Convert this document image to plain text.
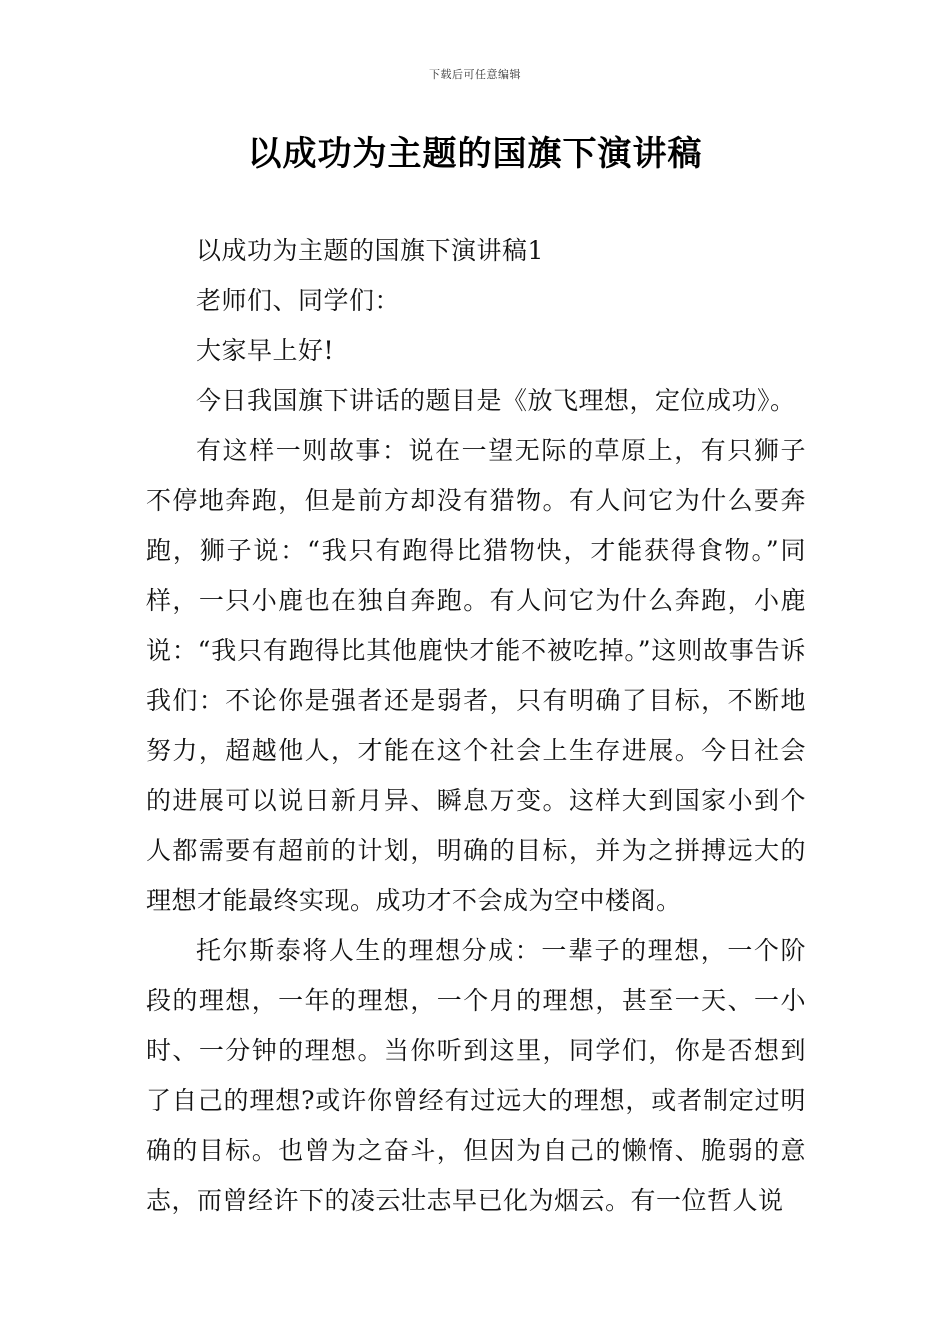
下载后可任意编辑
以成功为主题的国旗下演讲稿

以成功为主题的国旗下演讲稿1

老师们、同学们：

大家早上好!

今日我国旗下讲话的题目是《放飞理想，定位成功》。

有这样一则故事：说在一望无际的草原上，有只狮子不停地奔跑，但是前方却没有猎物。有人问它为什么要奔跑，狮子说：“我只有跑得比猎物快，才能获得食物。”同样，一只小鹿也在独自奔跑。有人问它为什么奔跑，小鹿说：“我只有跑得比其他鹿快才能不被吃掉。”这则故事告诉我们：不论你是强者还是弱者，只有明确了目标，不断地努力，超越他人，才能在这个社会上生存进展。今日社会的进展可以说日新月异、瞬息万变。这样大到国家小到个人都需要有超前的计划，明确的目标，并为之拼搏远大的理想才能最终实现。成功才不会成为空中楼阁。

托尔斯泰将人生的理想分成：一辈子的理想，一个阶段的理想，一年的理想，一个月的理想，甚至一天、一小时、一分钟的理想。当你听到这里，同学们，你是否想到了自己的理想?或许你曾经有过远大的理想，或者制定过明确的目标。也曾为之奋斗，但因为自己的懒惰、脆弱的意志，而曾经许下的凌云壮志早已化为烟云。有一位哲人说
